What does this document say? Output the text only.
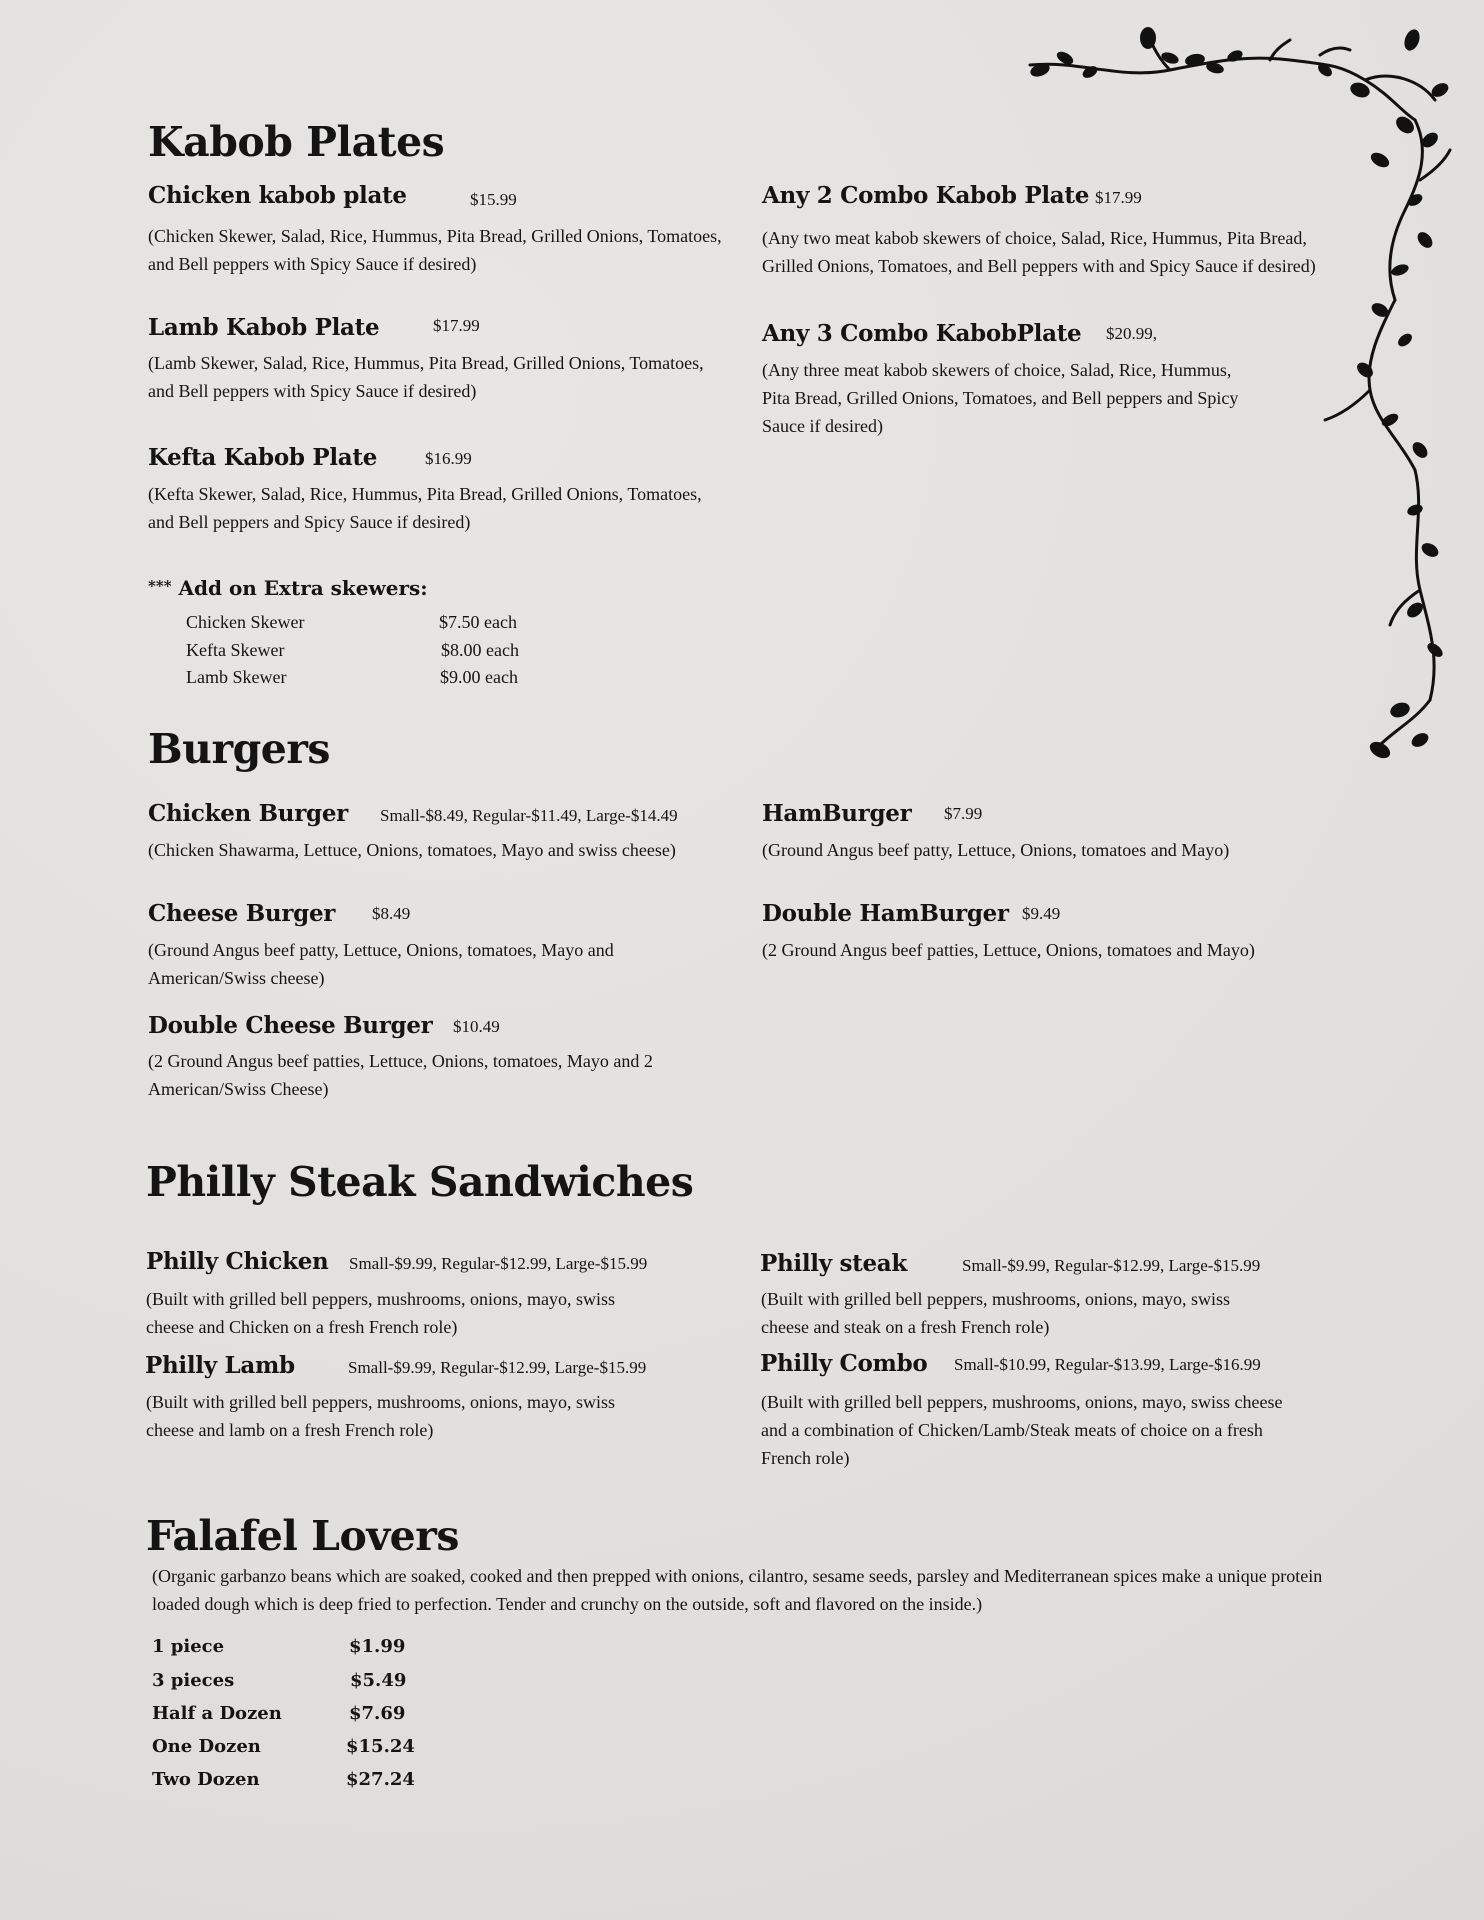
Kabob Plates
Chicken kabob plate	$15.99
(Chicken Skewer, Salad, Rice, Hummus, Pita Bread, Grilled Onions, Tomatoes, and Bell peppers with Spicy Sauce if desired)
Lamb Kabob Plate	$17.99
(Lamb Skewer, Salad, Rice, Hummus, Pita Bread, Grilled Onions, Tomatoes, and Bell peppers with Spicy Sauce if desired)
Kefta Kabob Plate	$16.99
(Kefta Skewer, Salad, Rice, Hummus, Pita Bread, Grilled Onions, Tomatoes, and Bell peppers and Spicy Sauce if desired)
Any 2 Combo Kabob Plate $17.99
(Any two meat kabob skewers of choice, Salad, Rice, Hummus, Pita Bread, Grilled Onions, Tomatoes, and Bell peppers with and Spicy Sauce if desired)
Any 3 Combo KabobPlate $20.99,
(Any three meat kabob skewers of choice, Salad, Rice, Hummus, Pita Bread, Grilled Onions, Tomatoes, and Bell peppers and Spicy Sauce if desired)
*** Add on Extra skewers:
Chicken Skewer	$7.50 each
Kefta Skewer	$8.00 each
Lamb Skewer	$9.00 each
Burgers
Chicken Burger Small-$8.49, Regular-$11.49, Large-$14.49
(Chicken Shawarma, Lettuce, Onions, tomatoes, Mayo and swiss cheese)
Cheese Burger $8.49
(Ground Angus beef patty, Lettuce, Onions, tomatoes, Mayo and American/Swiss cheese)
Double Cheese Burger $10.49
(2 Ground Angus beef patties, Lettuce, Onions, tomatoes, Mayo and 2 American/Swiss Cheese)
HamBurger $7.99
(Ground Angus beef patty, Lettuce, Onions, tomatoes and Mayo)
Double HamBurger $9.49
(2 Ground Angus beef patties, Lettuce, Onions, tomatoes and Mayo)
Philly Steak Sandwiches
Philly Chicken Small-$9.99, Regular-$12.99, Large-$15.99
(Built with grilled bell peppers, mushrooms, onions, mayo, swiss cheese and Chicken on a fresh French role)
Philly Lamb	Small-$9.99, Regular-$12.99, Large-$15.99
(Built with grilled bell peppers, mushrooms, onions, mayo, swiss cheese and lamb on a fresh French role)
Philly steak	Small-$9.99, Regular-$12.99, Large-$15.99
(Built with grilled bell peppers, mushrooms, onions, mayo, swiss cheese and steak on a fresh French role)
Philly Combo Small-$10.99, Regular-$13.99, Large-$16.99
(Built with grilled bell peppers, mushrooms, onions, mayo, swiss cheese and a combination of Chicken/Lamb/Steak meats of choice on a fresh French role)
Falafel Lovers
(Organic garbanzo beans which are soaked, cooked and then prepped with onions, cilantro, sesame seeds, parsley and Mediterranean spices make a unique protein loaded dough which is deep fried to perfection. Tender and crunchy on the outside, soft and flavored on the inside.)
1 piece	$1.99
3 pieces	$5.49
Half a Dozen	$7.69
One Dozen	$15.24
Two Dozen	$27.24
